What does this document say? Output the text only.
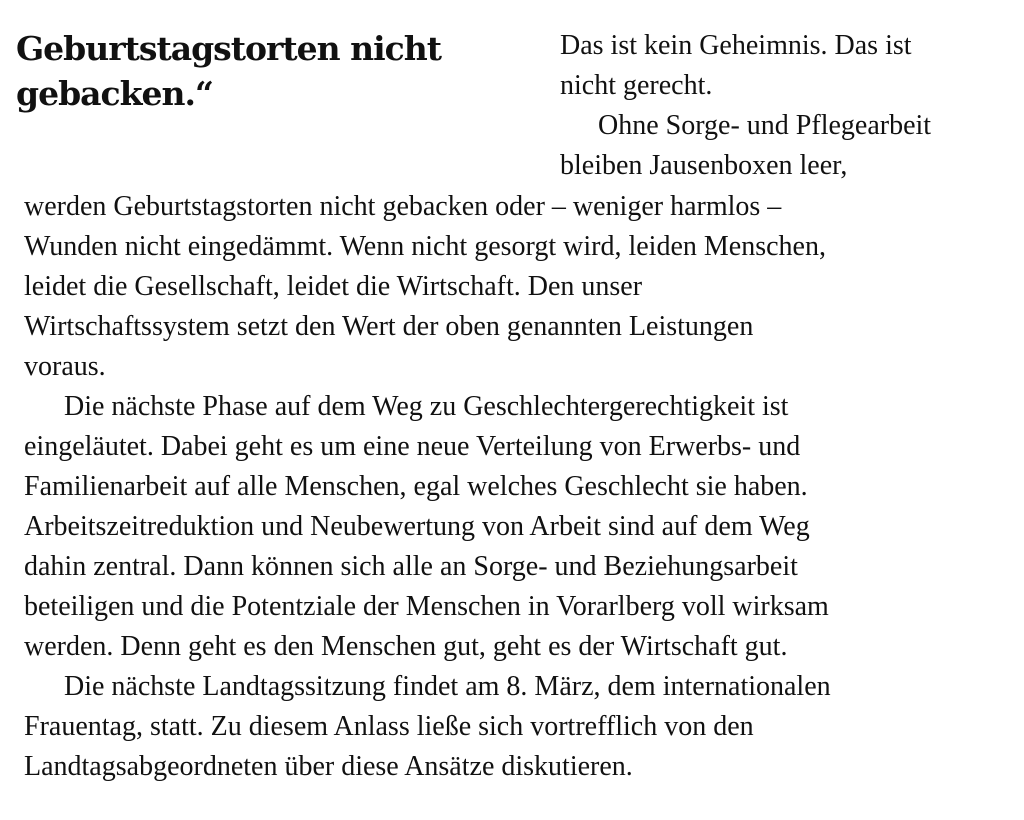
Geburtstagstorten nicht
gebacken.“
Das ist kein Geheimnis. Das ist
nicht gerecht.
Ohne Sorge- und Pflegearbeit
bleiben Jausenboxen leer,
werden Geburtstagstorten nicht gebacken oder – weniger harmlos –
Wunden nicht eingedämmt. Wenn nicht gesorgt wird, leiden Menschen,
leidet die Gesellschaft, leidet die Wirtschaft. Den unser
Wirtschaftssystem setzt den Wert der oben genannten Leistungen
voraus.
Die nächste Phase auf dem Weg zu Geschlechtergerechtigkeit ist
eingeläutet. Dabei geht es um eine neue Verteilung von Erwerbs- und
Familienarbeit auf alle Menschen, egal welches Geschlecht sie haben.
Arbeitszeitreduktion und Neubewertung von Arbeit sind auf dem Weg
dahin zentral. Dann können sich alle an Sorge- und Beziehungsarbeit
beteiligen und die Potentziale der Menschen in Vorarlberg voll wirksam
werden. Denn geht es den Menschen gut, geht es der Wirtschaft gut.
Die nächste Landtagssitzung findet am 8. März, dem internationalen
Frauentag, statt. Zu diesem Anlass ließe sich vortrefflich von den
Landtagsabgeordneten über diese Ansätze diskutieren.
